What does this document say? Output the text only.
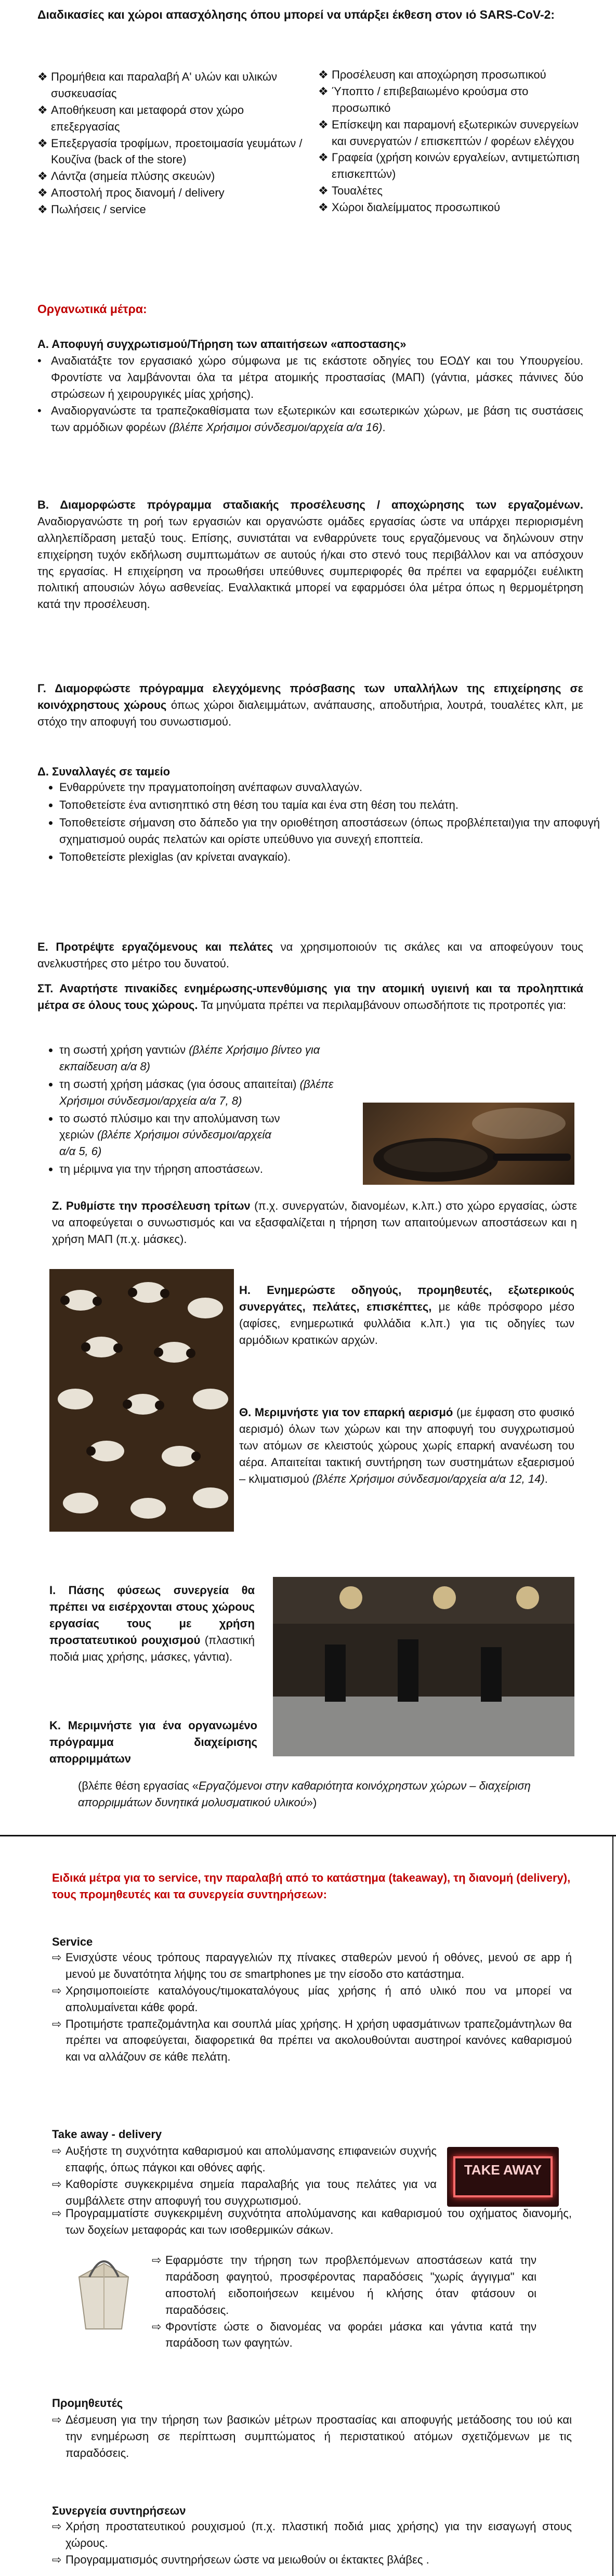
Διαδικασίες και χώροι απασχόλησης όπου μπορεί να υπάρξει έκθεση στον ιό SARS-CoV-2:
❖ Προμήθεια και παραλαβή Α' υλών και υλικών συσκευασίας
❖ Αποθήκευση και μεταφορά στον χώρο επεξεργασίας
❖ Επεξεργασία τροφίμων, προετοιμασία γευμάτων / Κουζίνα (back of the store)
❖ Λάντζα (σημεία πλύσης σκευών)
❖ Αποστολή προς διανομή / delivery
❖ Πωλήσεις / service
❖ Προσέλευση και αποχώρηση προσωπικού
❖ Ύποπτο / επιβεβαιωμένο κρούσμα στο προσωπικό
❖ Επίσκεψη και παραμονή εξωτερικών συνεργείων και συνεργατών / επισκεπτών / φορέων ελέγχου
❖ Γραφεία (χρήση κοινών εργαλείων, αντιμετώπιση επισκεπτών)
❖ Τουαλέτες
❖ Χώροι διαλείμματος προσωπικού
Οργανωτικά μέτρα:
Α. Αποφυγή συγχρωτισμού/Τήρηση των απαιτήσεων «αποστασης»
• Αναδιατάξτε τον εργασιακό χώρο σύμφωνα με τις εκάστοτε οδηγίες του ΕΟΔΥ και του Υπουργείου. Φροντίστε να λαμβάνονται όλα τα μέτρα ατομικής προστασίας (ΜΑΠ) (γάντια, μάσκες πάνινες δύο στρώσεων ή χειρουργικές μίας χρήσης).
• Αναδιοργανώστε τα τραπεζοκαθίσματα των εξωτερικών και εσωτερικών χώρων, με βάση τις συστάσεις των αρμόδιων φορέων (βλέπε Χρήσιμοι σύνδεσμοι/αρχεία α/α 16).
Β. Διαμορφώστε πρόγραμμα σταδιακής προσέλευσης / αποχώρησης των εργαζομένων. Αναδιοργανώστε τη ροή των εργασιών και οργανώστε ομάδες εργασίας ώστε να υπάρχει περιορισμένη αλληλεπίδραση μεταξύ τους. Επίσης, συνιστάται να ενθαρρύνετε τους εργαζόμενους να δηλώνουν στην επιχείρηση τυχόν εκδήλωση συμπτωμάτων σε αυτούς ή/και στο στενό τους περιβάλλον και να απόσχουν της εργασίας. Η επιχείρηση να προωθήσει υπεύθυνες συμπεριφορές θα πρέπει να εφαρμόζει ευέλικτη πολιτική απουσιών λόγω ασθενείας. Εναλλακτικά μπορεί να εφαρμόσει όλα μέτρα όπως η θερμομέτρηση κατά την προσέλευση.
Γ. Διαμορφώστε πρόγραμμα ελεγχόμενης πρόσβασης των υπαλλήλων της επιχείρησης σε κοινόχρηστους χώρους όπως χώροι διαλειμμάτων, ανάπαυσης, αποδυτήρια, λουτρά, τουαλέτες κλπ, με στόχο την αποφυγή του συνωστισμού.
Δ. Συναλλαγές σε ταμείο
• Ενθαρρύνετε την πραγματοποίηση ανέπαφων συναλλαγών.
• Τοποθετείστε ένα αντισηπτικό στη θέση του ταμία και ένα στη θέση του πελάτη.
• Τοποθετείστε σήμανση στο δάπεδο για την οριοθέτηση αποστάσεων (όπως προβλέπεται)για την αποφυγή σχηματισμού ουράς πελατών και ορίστε υπεύθυνο για συνεχή εποπτεία.
• Τοποθετείστε plexiglas (αν κρίνεται αναγκαίο).
Ε. Προτρέψτε εργαζόμενους και πελάτες να χρησιμοποιούν τις σκάλες και να αποφεύγουν τους ανελκυστήρες στο μέτρο του δυνατού.
ΣΤ. Αναρτήστε πινακίδες ενημέρωσης-υπενθύμισης για την ατομική υγιεινή και τα προληπτικά μέτρα σε όλους τους χώρους. Τα μηνύματα πρέπει να περιλαμβάνουν οπωσδήποτε τις προτροπές για:
• τη σωστή χρήση γαντιών (βλέπε Χρήσιμο βίντεο για εκπαίδευση α/α 8)
• τη σωστή χρήση μάσκας (για όσους απαιτείται) (βλέπε Χρήσιμοι σύνδεσμοι/αρχεία α/α 7, 8)
• το σωστό πλύσιμο και την απολύμανση των χεριών (βλέπε Χρήσιμοι σύνδεσμοι/αρχεία α/α 5, 6)
• τη μέριμνα για την τήρηση αποστάσεων.
Ζ. Ρυθμίστε την προσέλευση τρίτων (π.χ. συνεργατών, διανομέων, κ.λπ.) στο χώρο εργασίας, ώστε να αποφεύγεται ο συνωστισμός και να εξασφαλίζεται η τήρηση των απαιτούμενων αποστάσεων και η χρήση ΜΑΠ (π.χ. μάσκες).
Η. Ενημερώστε οδηγούς, προμηθευτές, εξωτερικούς συνεργάτες, πελάτες, επισκέπτες, με κάθε πρόσφορο μέσο (αφίσες, ενημερωτικά φυλλάδια κ.λπ.) για τις οδηγίες των αρμόδιων κρατικών αρχών.
Θ. Μεριμνήστε για τον επαρκή αερισμό (με έμφαση στο φυσικό αερισμό) όλων των χώρων και την αποφυγή του συγχρωτισμού των ατόμων σε κλειστούς χώρους χωρίς επαρκή ανανέωση του αέρα. Απαιτείται τακτική συντήρηση των συστημάτων εξαερισμού – κλιματισμού (βλέπε Χρήσιμοι σύνδεσμοι/αρχεία α/α 12, 14).
Ι. Πάσης φύσεως συνεργεία θα πρέπει να εισέρχονται στους χώρους εργασίας τους με χρήση προστατευτικού ρουχισμού (πλαστική ποδιά μιας χρήσης, μάσκες, γάντια).
Κ. Μεριμνήστε για ένα οργανωμένο πρόγραμμα διαχείρισης απορριμμάτων
(βλέπε θέση εργασίας «Εργαζόμενοι στην καθαριότητα κοινόχρηστων χώρων – διαχείριση απορριμμάτων δυνητικά μολυσματικού υλικού»)
Ειδικά μέτρα για το service, την παραλαβή από το κατάστημα (takeaway), τη διανομή (delivery), τους προμηθευτές και τα συνεργεία συντηρήσεων:
Service
⇨ Ενισχύστε νέους τρόπους παραγγελιών πχ πίνακες σταθερών μενού ή οθόνες, μενού σε app ή μενού με δυνατότητα λήψης του σε smartphones με την είσοδο στο κατάστημα.
⇨ Χρησιμοποιείστε καταλόγους/τιμοκαταλόγους μίας χρήσης ή από υλικό που να μπορεί να απολυμαίνεται κάθε φορά.
⇨ Προτιμήστε τραπεζομάντηλα και σουπλά μίας χρήσης. Η χρήση υφασμάτινων τραπεζομάντηλων θα πρέπει να αποφεύγεται, διαφορετικά θα πρέπει να ακολουθούνται αυστηροί κανόνες καθαρισμού και να αλλάζουν σε κάθε πελάτη.
Take away - delivery
⇨ Αυξήστε τη συχνότητα καθαρισμού και απολύμανσης επιφανειών συχνής επαφής, όπως πάγκοι και οθόνες αφής.
⇨ Καθορίστε συγκεκριμένα σημεία παραλαβής για τους πελάτες για να συμβάλλετε στην αποφυγή του συγχρωτισμού.
⇨ Προγραμματίστε συγκεκριμένη συχνότητα απολύμανσης και καθαρισμού του οχήματος διανομής, των δοχείων μεταφοράς και των ισοθερμικών σάκων.
TAKE AWAY
⇨ Εφαρμόστε την τήρηση των προβλεπόμενων αποστάσεων κατά την παράδοση φαγητού, προσφέροντας παραδόσεις "χωρίς άγγιγμα" και αποστολή ειδοποιήσεων κειμένου ή κλήσης όταν φτάσουν οι παραδόσεις.
⇨ Φροντίστε ώστε ο διανομέας να φοράει μάσκα και γάντια κατά την παράδοση των φαγητών.
Προμηθευτές
⇨ Δέσμευση για την τήρηση των βασικών μέτρων προστασίας και αποφυγής μετάδοσης του ιού και την ενημέρωση σε περίπτωση συμπτώματος ή περιστατικού ατόμων σχετιζόμενων με τις παραδόσεις.
Συνεργεία συντηρήσεων
⇨ Χρήση προστατευτικού ρουχισμού (π.χ. πλαστική ποδιά μιας χρήσης) για την εισαγωγή στους χώρους.
⇨ Προγραμματισμός συντηρήσεων ώστε να μειωθούν οι έκτακτες βλάβες .
